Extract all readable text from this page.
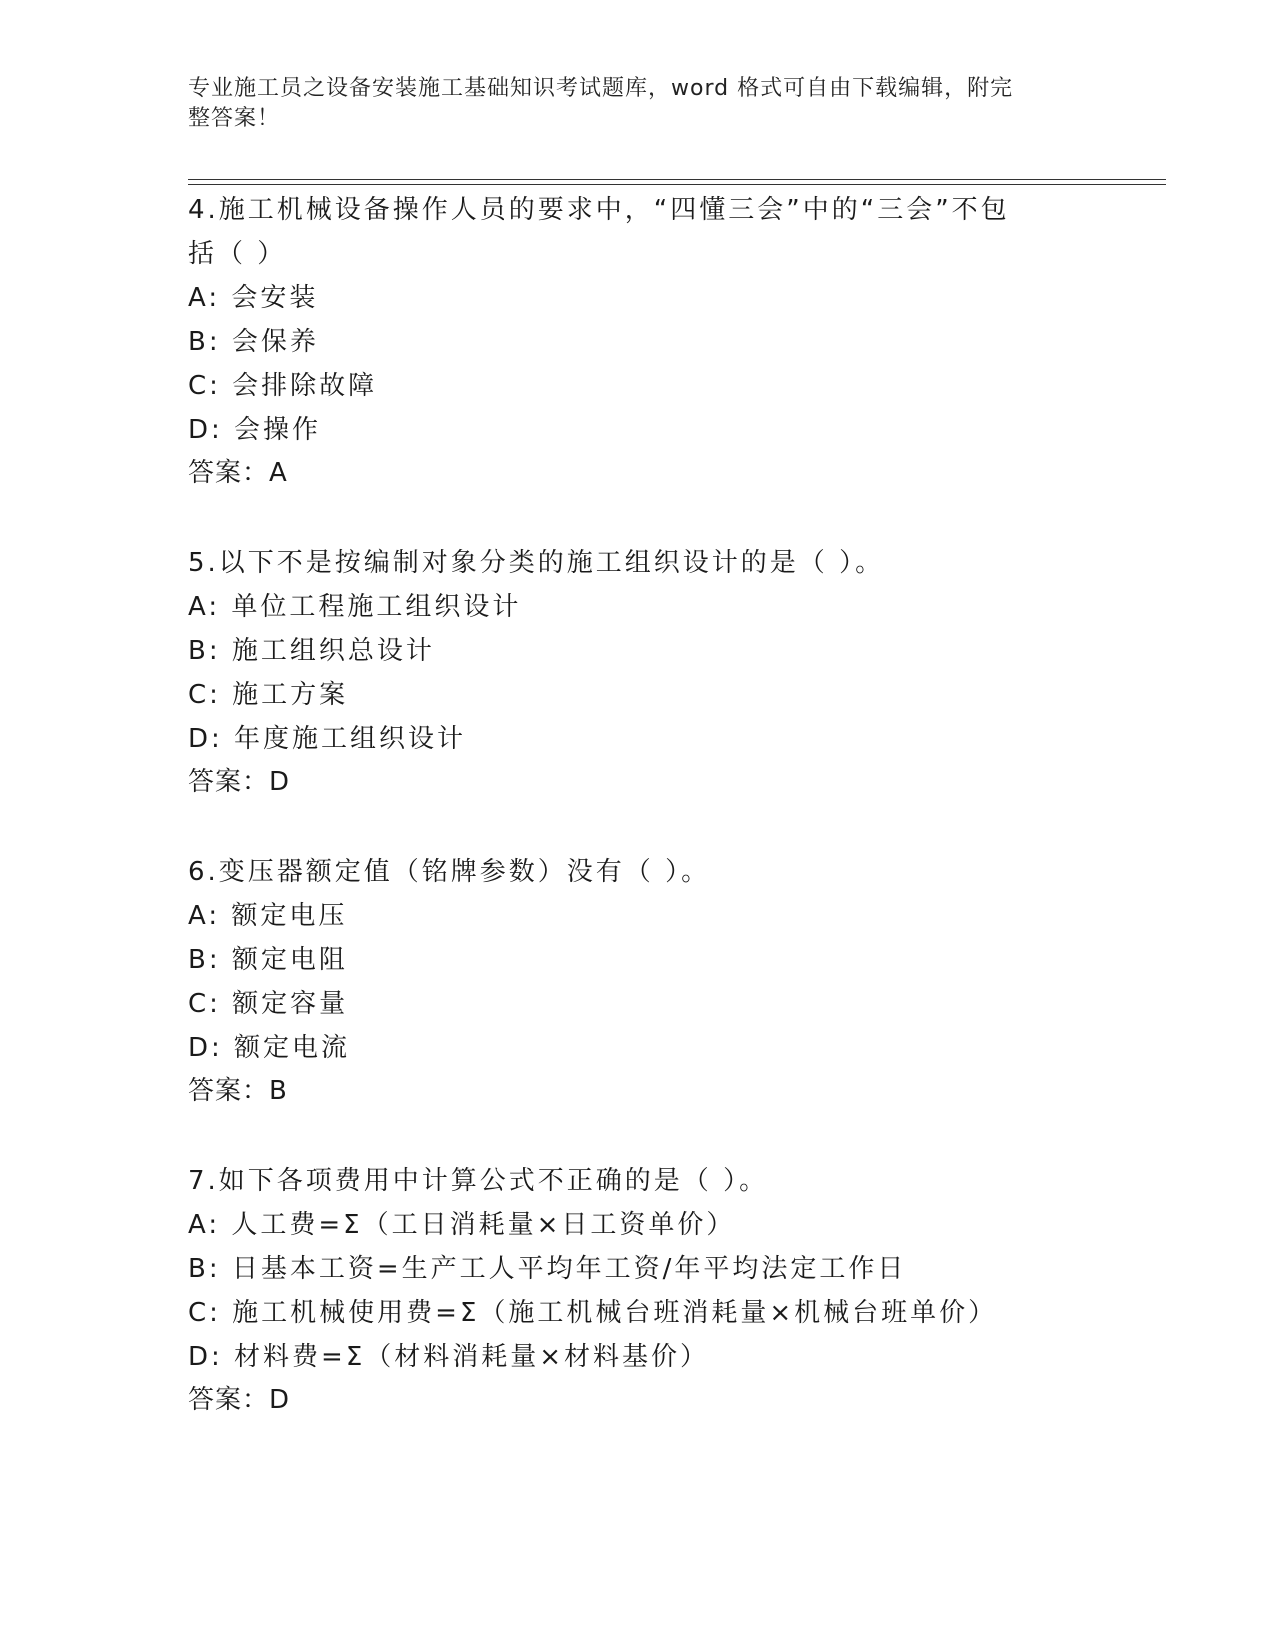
专业施工员之设备安装施工基础知识考试题库，word 格式可自由下载编辑，附完
整答案！
4.施工机械设备操作人员的要求中，“四懂三会”中的“三会”不包
括（ ）
A: 会安装
B: 会保养
C: 会排除故障
D: 会操作
答案：A
5.以下不是按编制对象分类的施工组织设计的是（ ）。
A: 单位工程施工组织设计
B: 施工组织总设计
C: 施工方案
D: 年度施工组织设计
答案：D
6.变压器额定值（铭牌参数）没有（ ）。
A: 额定电压
B: 额定电阻
C: 额定容量
D: 额定电流
答案：B
7.如下各项费用中计算公式不正确的是（ ）。
A: 人工费=Σ（工日消耗量×日工资单价）
B: 日基本工资=生产工人平均年工资/年平均法定工作日
C: 施工机械使用费=Σ（施工机械台班消耗量×机械台班单价）
D: 材料费=Σ（材料消耗量×材料基价）
答案：D
